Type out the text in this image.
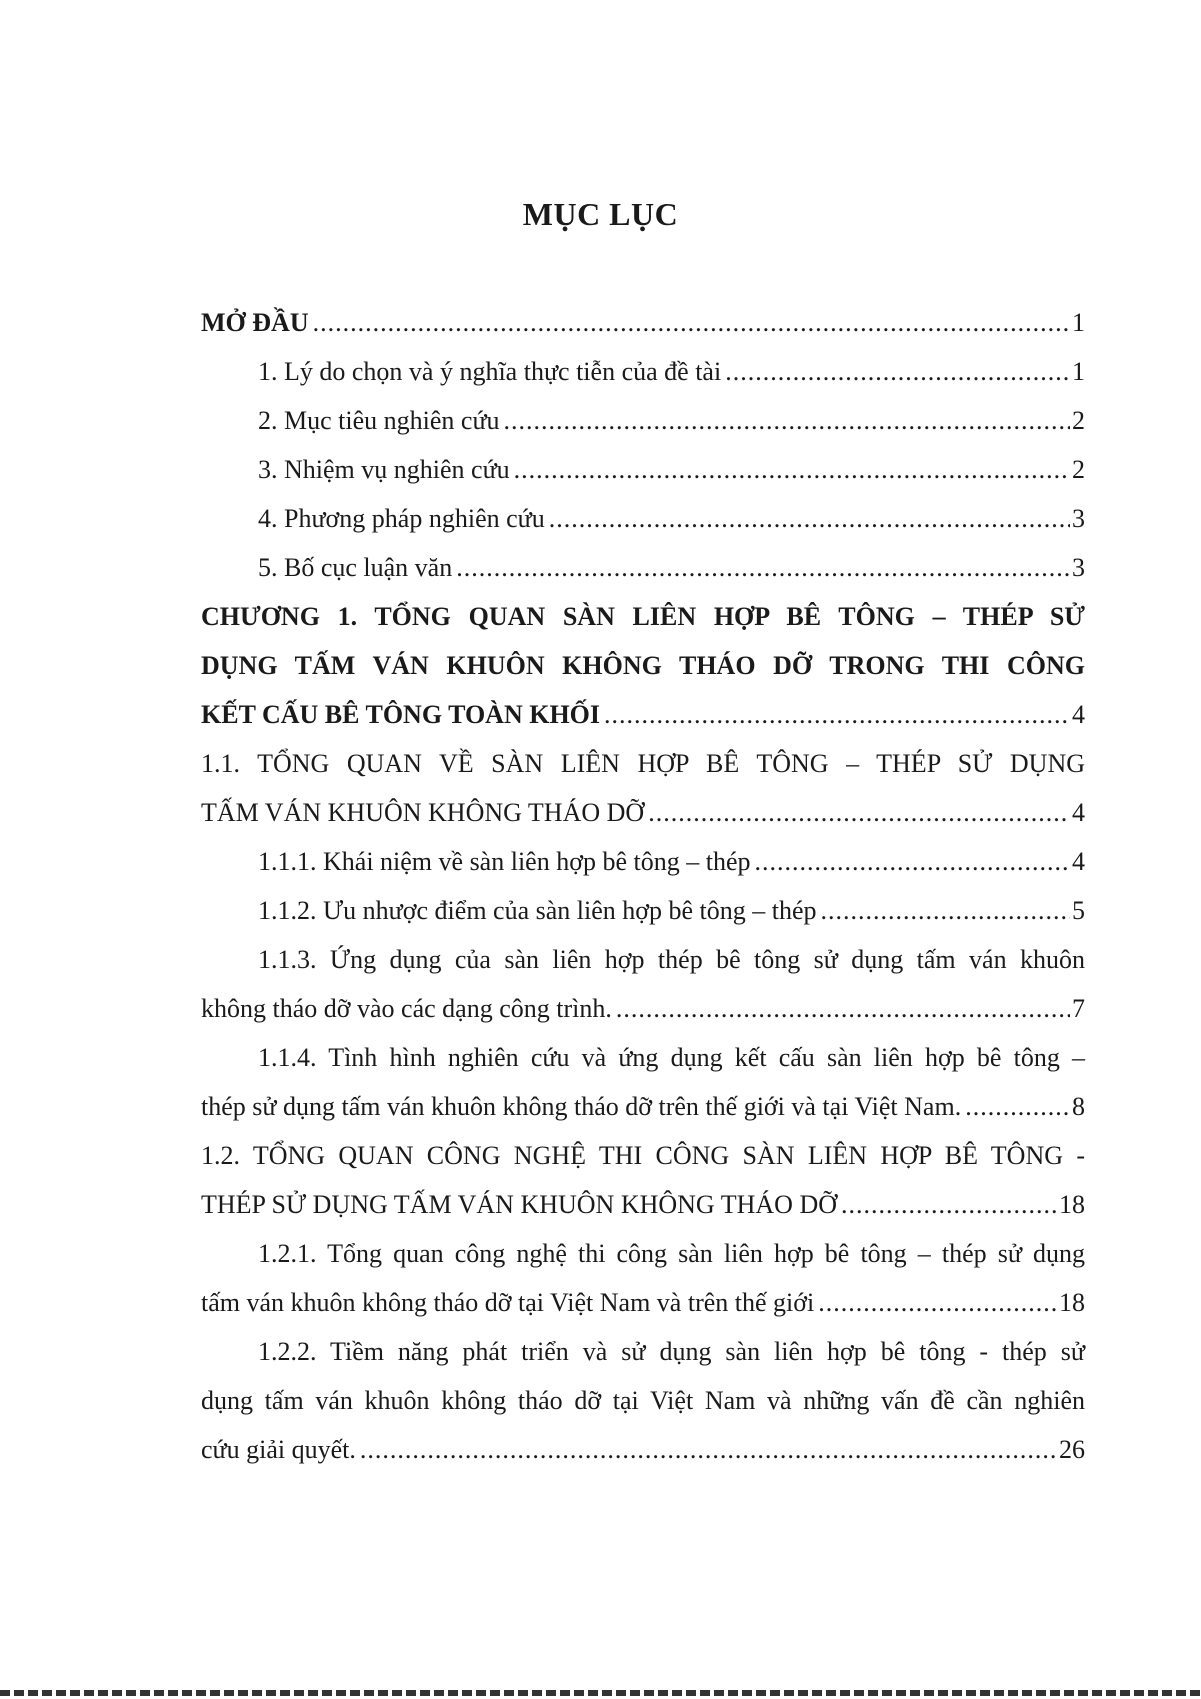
MỤC LỤC
MỞ ĐẦU .....	1
1. Lý do chọn và ý nghĩa thực tiễn của đề tài .....	1
2. Mục tiêu nghiên cứu .....	2
3. Nhiệm vụ nghiên cứu .....	2
4. Phương pháp nghiên cứu .....	3
5. Bố cục luận văn .....	3
CHƯƠNG 1. TỔNG QUAN SÀN LIÊN HỢP BÊ TÔNG – THÉP SỬ
DỤNG TẤM VÁN KHUÔN KHÔNG THÁO DỠ TRONG THI CÔNG
KẾT CẤU BÊ TÔNG TOÀN KHỐI .....	4
1.1. TỔNG QUAN VỀ SÀN LIÊN HỢP BÊ TÔNG – THÉP SỬ DỤNG
TẤM VÁN KHUÔN KHÔNG THÁO DỠ .....	4
1.1.1. Khái niệm về sàn liên hợp bê tông – thép .....	4
1.1.2. Ưu nhược điểm của sàn liên hợp bê tông – thép .....	5
1.1.3. Ứng dụng của sàn liên hợp thép bê tông sử dụng tấm ván khuôn
không tháo dỡ vào các dạng công trình. .....	7
1.1.4. Tình hình nghiên cứu và ứng dụng kết cấu sàn liên hợp bê tông –
thép sử dụng tấm ván khuôn không tháo dỡ trên thế giới và tại Việt Nam. .....	8
1.2. TỔNG QUAN CÔNG NGHỆ THI CÔNG SÀN LIÊN HỢP BÊ TÔNG -
THÉP SỬ DỤNG TẤM VÁN KHUÔN KHÔNG THÁO DỠ .....	18
1.2.1. Tổng quan công nghệ thi công sàn liên hợp bê tông – thép sử dụng
tấm ván khuôn không tháo dỡ tại Việt Nam và trên thế giới .....	18
1.2.2. Tiềm năng phát triển và sử dụng sàn liên hợp bê tông - thép sử
dụng tấm ván khuôn không tháo dỡ tại Việt Nam và những vấn đề cần nghiên
cứu giải quyết. .....	26
